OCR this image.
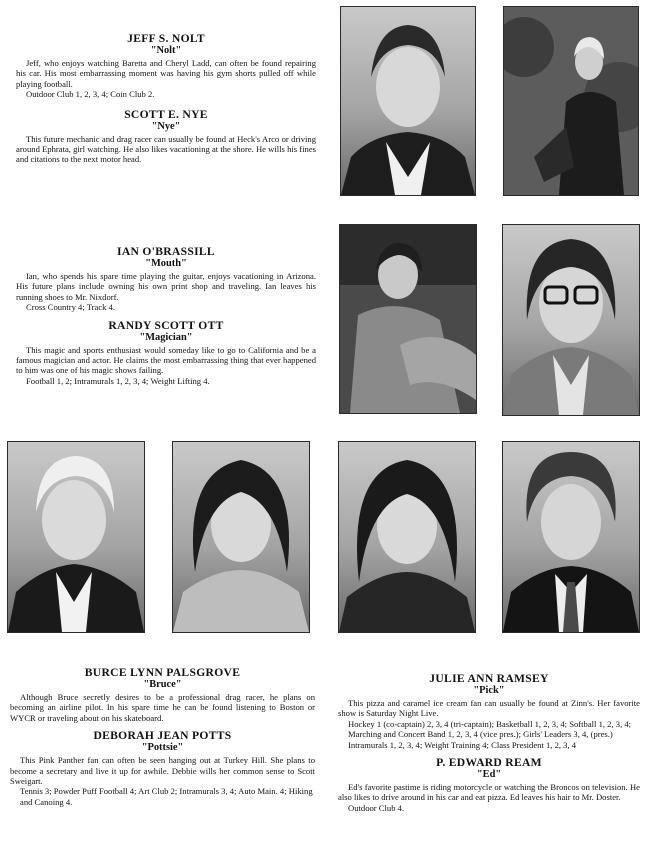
JEFF S. NOLT
"Nolt"
Jeff, who enjoys watching Baretta and Cheryl Ladd, can often be found repairing his car. His most embarrassing moment was having his gym shorts pulled off while playing football.
Outdoor Club 1, 2, 3, 4; Coin Club 2.
SCOTT E. NYE
"Nye"
This future mechanic and drag racer can usually be found at Heck's Arco or driving around Ephrata, girl watching. He also likes vacationing at the shore. He wills his fines and citations to the next motor head.
IAN O'BRASSILL
"Mouth"
Ian, who spends his spare time playing the guitar, enjoys vacationing in Arizona. His future plans include owning his own print shop and traveling. Ian leaves his running shoes to Mr. Nixdorf.
Cross Country 4; Track 4.
RANDY SCOTT OTT
"Magician"
This magic and sports enthusiast would someday like to go to California and be a famous magician and actor. He claims the most embarrassing thing that ever happened to him was one of his magic shows failing.
Football 1, 2; Intramurals 1, 2, 3, 4; Weight Lifting 4.
BURCE LYNN PALSGROVE
"Bruce"
Although Bruce secretly desires to be a professional drag racer, he plans on becoming an airline pilot. In his spare time he can be found listening to Boston or WYCR or traveling about on his skateboard.
DEBORAH JEAN POTTS
"Pottsie"
This Pink Panther fan can often be seen hanging out at Turkey Hill. She plans to become a secretary and live it up for awhile. Debbie wills her common sense to Scott Sweigart.
Tennis 3; Powder Puff Football 4; Art Club 2; Intramurals 3, 4; Auto Main. 4; Hiking and Canoing 4.
JULIE ANN RAMSEY
"Pick"
This pizza and caramel ice cream fan can usually be found at Zinn's. Her favorite show is Saturday Night Live.
Hockey 1 (co-captain) 2, 3, 4 (tri-captain); Basketball 1, 2, 3, 4; Softball 1, 2, 3, 4; Marching and Concert Band 1, 2, 3, 4 (vice pres.); Girls' Leaders 3, 4, (pres.) Intramurals 1, 2, 3, 4; Weight Training 4; Class President 1, 2, 3, 4
P. EDWARD REAM
"Ed"
Ed's favorite pastime is riding motorcycle or watching the Broncos on television. He also likes to drive around in his car and eat pizza. Ed leaves his hair to Mr. Doster.
Outdoor Club 4.
